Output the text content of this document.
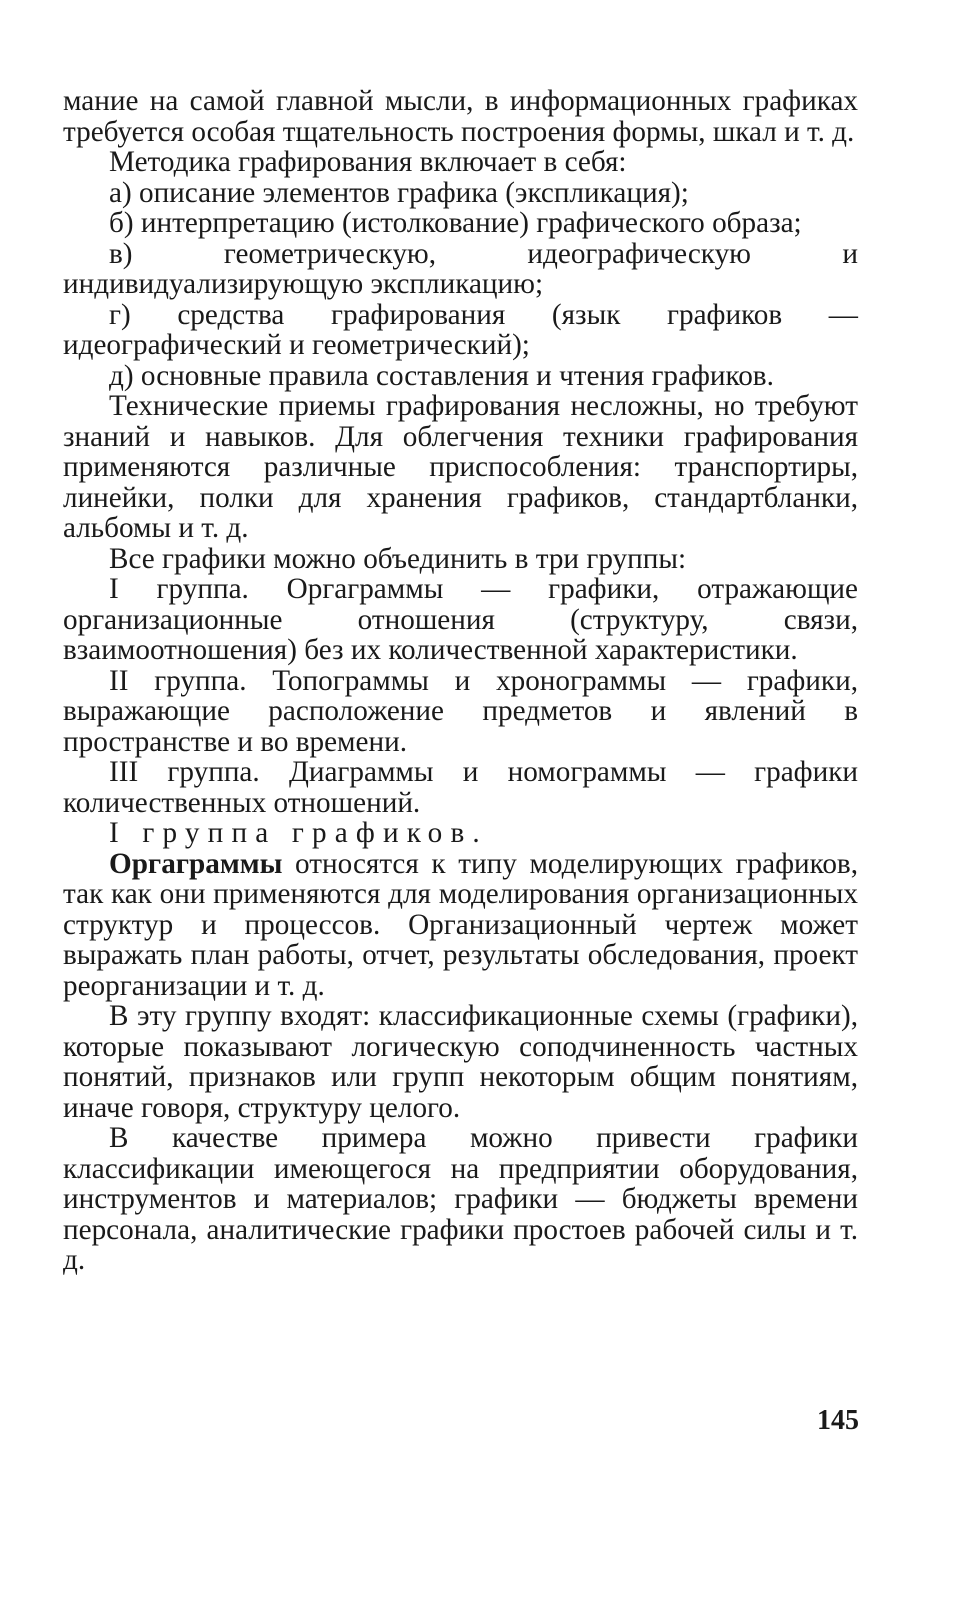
мание на самой главной мысли, в информационных графиках требуется особая тщательность построения формы, шкал и т. д.

Методика графирования включает в себя:

а) описание элементов графика (экспликация);

б) интерпретацию (истолкование) графического образа;

в) геометрическую, идеографическую и индивидуализирующую экспликацию;

г) средства графирования (язык графиков — идеографический и геометрический);

д) основные правила составления и чтения графиков.

Технические приемы графирования несложны, но требуют знаний и навыков. Для облегчения техники графирования применяются различные приспособления: транспортиры, линейки, полки для хранения графиков, стандартбланки, альбомы и т. д.

Все графики можно объединить в три группы:

I группа. Оргаграммы — графики, отражающие организационные отношения (структуру, связи, взаимоотношения) без их количественной характеристики.

II группа. Топограммы и хронограммы — графики, выражающие расположение предметов и явлений в пространстве и во времени.

III группа. Диаграммы и номограммы — графики количественных отношений.

I группа графиков.

Оргаграммы относятся к типу моделирующих графиков, так как они применяются для моделирования организационных структур и процессов. Организационный чертеж может выражать план работы, отчет, результаты обследования, проект реорганизации и т. д.

В эту группу входят: классификационные схемы (графики), которые показывают логическую соподчиненность частных понятий, признаков или групп некоторым общим понятиям, иначе говоря, структуру целого.

В качестве примера можно привести графики классификации имеющегося на предприятии оборудования, инструментов и материалов; графики — бюджеты времени персонала, аналитические графики простоев рабочей силы и т. д.

145
